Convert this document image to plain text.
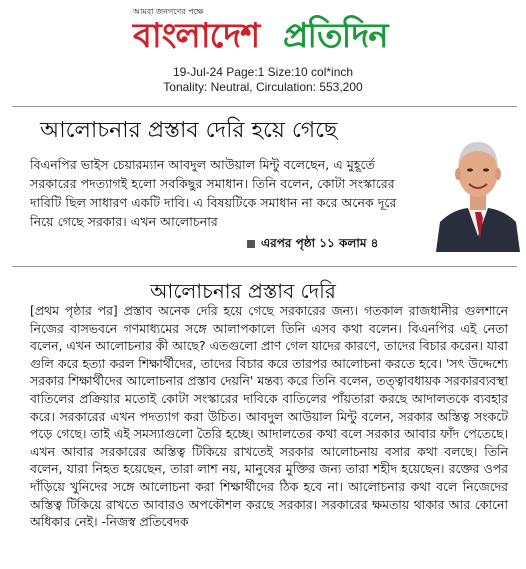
আমরা জনগণের পক্ষে
বাংলাদেশ প্রতিদিন
19-Jul-24 Page:1 Size:10 col*inch
Tonality: Neutral, Circulation: 553,200
আলোচনার প্রস্তাব দেরি হয়ে গেছে
বিএনপির ভাইস চেয়ারম্যান আবদুল আউয়াল মিন্টু বলেছেন, এ মুহূর্তে সরকারের পদত্যাগই হলো সবকিছুর সমাধান। তিনি বলেন, কোটা সংস্কারের দাবিটি ছিল সাধারণ একটি দাবি। এ বিষয়টিকে সমাধান না করে অনেক দূরে নিয়ে গেছে সরকার। এখন আলোচনার
এরপর পৃষ্ঠা ১১ কলাম ৪
আলোচনার প্রস্তাব দেরি
[প্রথম পৃষ্ঠার পর] প্রস্তাব অনেক দেরি হয়ে গেছে সরকারের জন্য। গতকাল রাজধানীর গুলশানে নিজের বাসভবনে গণমাধ্যমের সঙ্গে আলাপকালে তিনি এসব কথা বলেন। বিএনপির এই নেতা বলেন, এখন আলোচনার কী আছে? এতগুলো প্রাণ গেল যাদের কারণে, তাদের বিচার করেন। যারা গুলি করে হত্যা করল শিক্ষার্থীদের, তাদের বিচার করে তারপর আলোচনা করতে হবে। 'সৎ উদ্দেশ্যে সরকার শিক্ষার্থীদের আলোচনার প্রস্তাব দেয়নি' মন্তব্য করে তিনি বলেন, তত্ত্বাবধায়ক সরকারব্যবস্থা বাতিলের প্রক্রিয়ার মতোই কোটা সংস্কারের দাবিকে বাতিলের পাঁয়তারা করছে আদালতকে ব্যবহার করে। সরকারের এখন পদত্যাগ করা উচিত। আবদুল আউয়াল মিন্টু বলেন, সরকার অস্তিত্ব সংকটে পড়ে গেছে। তাই এই সমস্যাগুলো তৈরি হচ্ছে। আদালতের কথা বলে সরকার আবার ফাঁদ পেতেছে। এখন আবার সরকারের অস্তিত্ব টিকিয়ে রাখতেই সরকার আলোচনায় বসার কথা বলছে। তিনি বলেন, যারা নিহত হয়েছেন, তারা লাশ নয়, মানুষের মুক্তির জন্য তারা শহীদ হয়েছেন। রক্তের ওপর দাঁড়িয়ে খুনিদের সঙ্গে আলোচনা করা শিক্ষার্থীদের ঠিক হবে না। আলোচনার কথা বলে নিজেদের অস্তিত্ব টিকিয়ে রাখতে আবারও অপকৌশল করছে সরকার। সরকারের ক্ষমতায় থাকার আর কোনো অধিকার নেই। -নিজস্ব প্রতিবেদক
